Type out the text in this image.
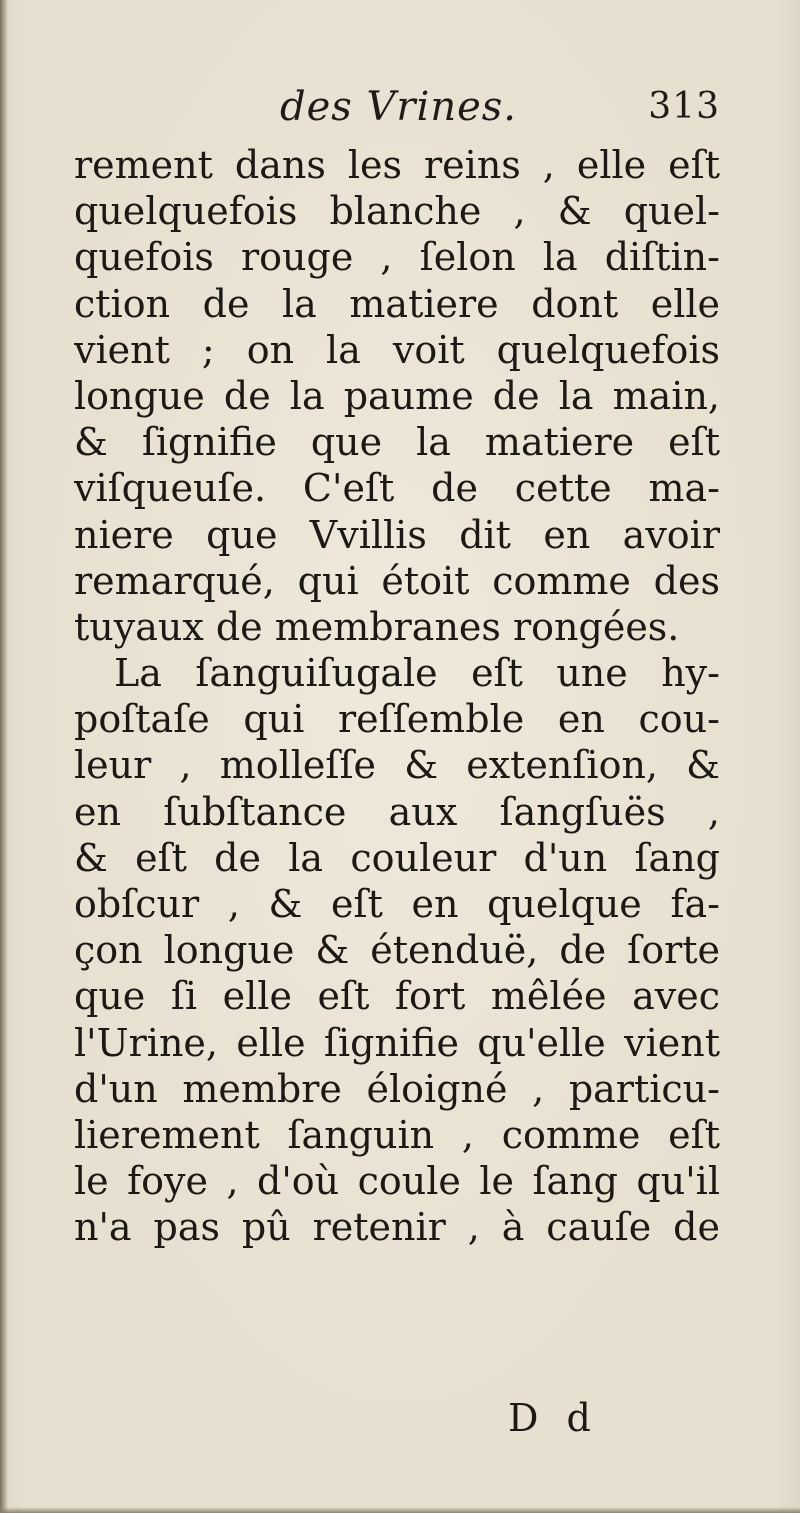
des Vrines.	313
rement dans les reins , elle eſt
quelquefois blanche , & quel-
quefois rouge , ſelon la diſtin-
ction de la matiere dont elle
vient ; on la voit quelquefois
longue de la paume de la main,
& ſignifie que la matiere eſt
viſqueuſe. C'eſt de cette ma-
niere que Vvillis dit en avoir
remarqué, qui étoit comme des
tuyaux de membranes rongées.
La ſanguiſugale eſt une hy-
poſtaſe qui reſſemble en cou-
leur , molleſſe & extenſion, &
en ſubſtance aux ſangſuës ,
& eſt de la couleur d'un ſang
obſcur , & eſt en quelque fa-
çon longue & étenduë, de ſorte
que ſi elle eſt fort mêlée avec
l'Urine, elle ſignifie qu'elle vient
d'un membre éloigné , particu-
lierement ſanguin , comme eſt
le foye , d'où coule le ſang qu'il
n'a pas pû retenir , à cauſe de
D d
